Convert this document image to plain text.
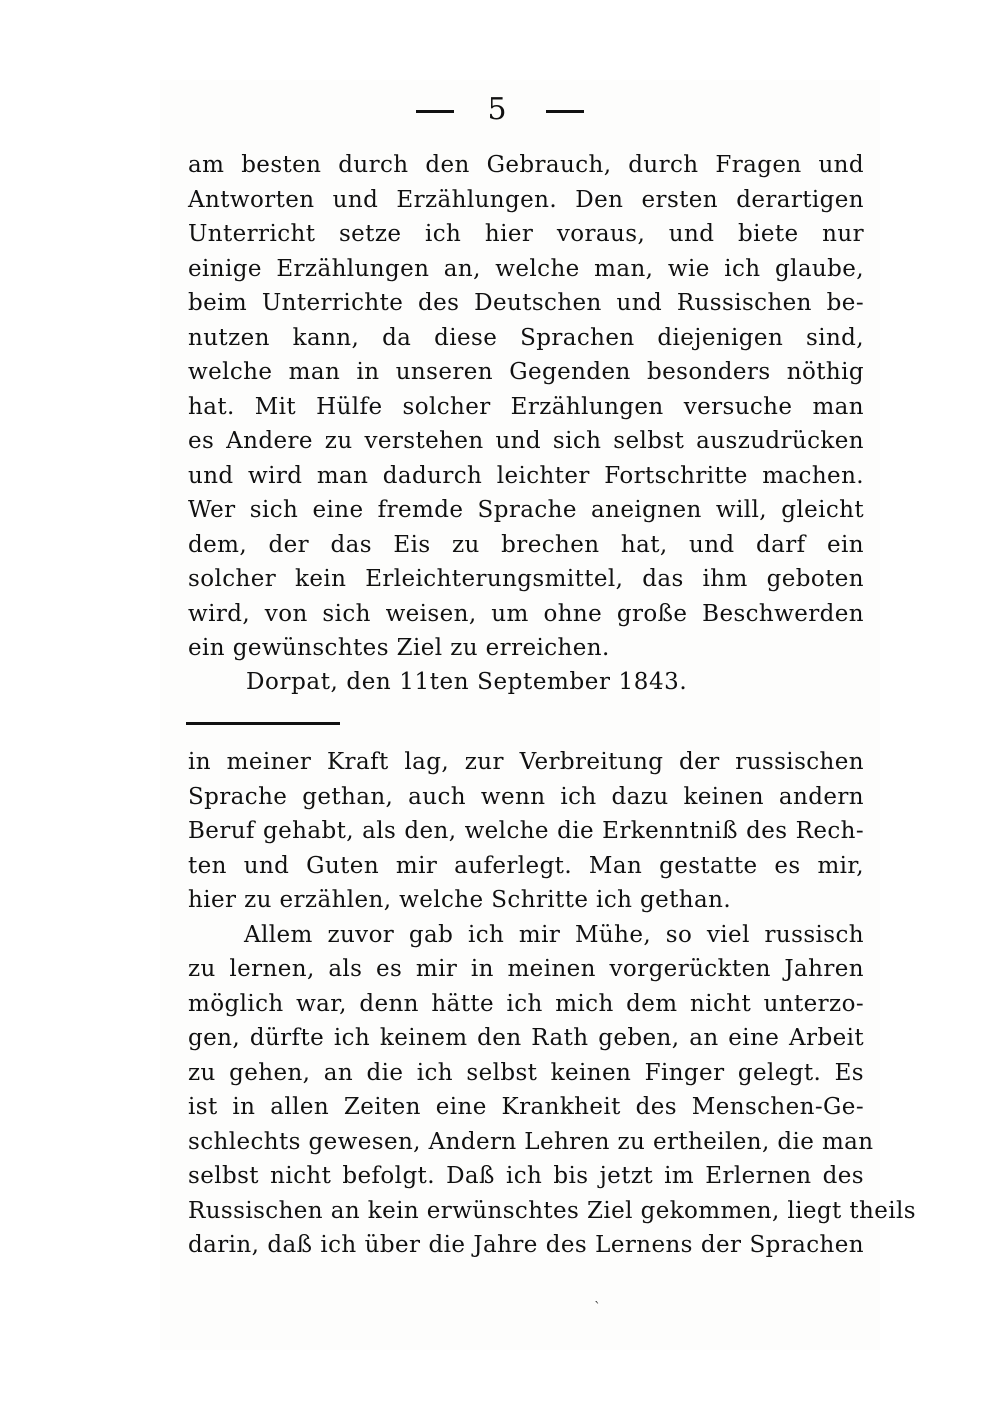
5
am besten durch den Gebrauch, durch Fragen und
Antworten und Erzählungen. Den ersten derartigen
Unterricht setze ich hier voraus, und biete nur
einige Erzählungen an, welche man, wie ich glaube,
beim Unterrichte des Deutschen und Russischen be-
nutzen kann, da diese Sprachen diejenigen sind,
welche man in unseren Gegenden besonders nöthig
hat. Mit Hülfe solcher Erzählungen versuche man
es Andere zu verstehen und sich selbst auszudrücken
und wird man dadurch leichter Fortschritte machen.
Wer sich eine fremde Sprache aneignen will, gleicht
dem, der das Eis zu brechen hat, und darf ein
solcher kein Erleichterungsmittel, das ihm geboten
wird, von sich weisen, um ohne große Beschwerden
ein gewünschtes Ziel zu erreichen.
Dorpat, den 11ten September 1843.
in meiner Kraft lag, zur Verbreitung der russischen
Sprache gethan, auch wenn ich dazu keinen andern
Beruf gehabt, als den, welche die Erkenntniß des Rech-
ten und Guten mir auferlegt. Man gestatte es mir,
hier zu erzählen, welche Schritte ich gethan.
Allem zuvor gab ich mir Mühe, so viel russisch
zu lernen, als es mir in meinen vorgerückten Jahren
möglich war, denn hätte ich mich dem nicht unterzo-
gen, dürfte ich keinem den Rath geben, an eine Arbeit
zu gehen, an die ich selbst keinen Finger gelegt. Es
ist in allen Zeiten eine Krankheit des Menschen-Ge-
schlechts gewesen, Andern Lehren zu ertheilen, die man
selbst nicht befolgt. Daß ich bis jetzt im Erlernen des
Russischen an kein erwünschtes Ziel gekommen, liegt theils
darin, daß ich über die Jahre des Lernens der Sprachen
ˋ
